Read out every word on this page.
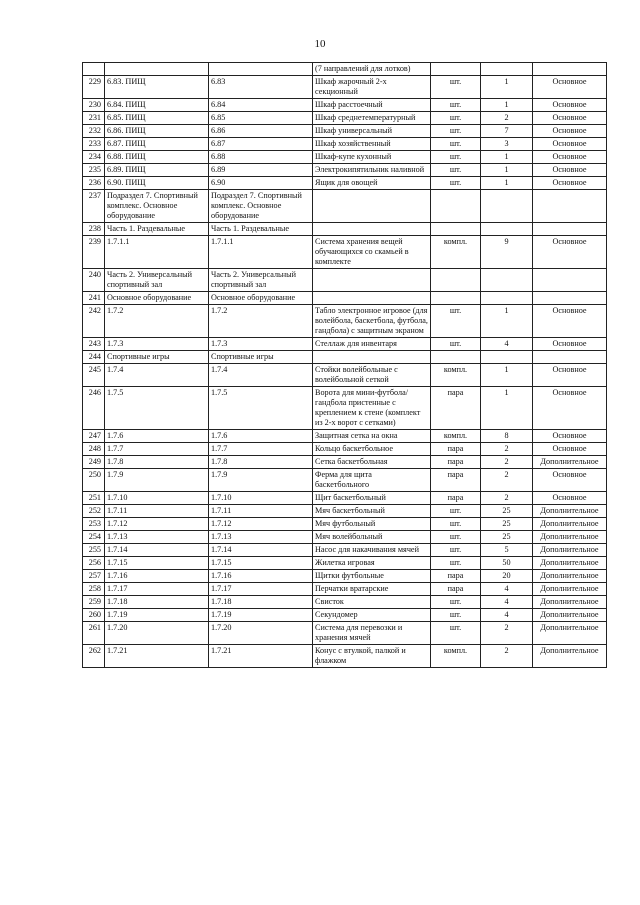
10
			(7 направлений для лотков)			
229	6.83. ПИЩ	6.83	Шкаф жарочный 2-х секционный	шт.	1	Основное
230	6.84. ПИЩ	6.84	Шкаф расстоечный	шт.	1	Основное
231	6.85. ПИЩ	6.85	Шкаф среднетемпературный	шт.	2	Основное
232	6.86. ПИЩ	6.86	Шкаф универсальный	шт.	7	Основное
233	6.87. ПИЩ	6.87	Шкаф хозяйственный	шт.	3	Основное
234	6.88. ПИЩ	6.88	Шкаф-купе кухонный	шт.	1	Основное
235	6.89. ПИЩ	6.89	Электрокипятильник наливной	шт.	1	Основное
236	6.90. ПИЩ	6.90	Ящик для овощей	шт.	1	Основное
237	Подраздел 7. Спортивный комплекс. Основное оборудование	Подраздел 7. Спортивный комплекс. Основное оборудование				
238	Часть 1. Раздевальные	Часть 1. Раздевальные				
239	1.7.1.1	1.7.1.1	Система хранения вещей обучающихся со скамьей в комплекте	компл.	9	Основное
240	Часть 2. Универсальный спортивный зал	Часть 2. Универсальный спортивный зал				
241	Основное оборудование	Основное оборудование				
242	1.7.2	1.7.2	Табло электронное игровое (для волейбола, баскетбола, футбола, гандбола) с защитным экраном	шт.	1	Основное
243	1.7.3	1.7.3	Стеллаж для инвентаря	шт.	4	Основное
244	Спортивные игры	Спортивные игры				
245	1.7.4	1.7.4	Стойки волейбольные с волейбольной сеткой	компл.	1	Основное
246	1.7.5	1.7.5	Ворота для мини-футбола/гандбола пристенные с креплением к стене (комплект из 2-х ворот с сетками)	пара	1	Основное
247	1.7.6	1.7.6	Защитная сетка на окна	компл.	8	Основное
248	1.7.7	1.7.7	Кольцо баскетбольное	пара	2	Основное
249	1.7.8	1.7.8	Сетка баскетбольная	пара	2	Дополнительное
250	1.7.9	1.7.9	Ферма для щита баскетбольного	пара	2	Основное
251	1.7.10	1.7.10	Щит баскетбольный	пара	2	Основное
252	1.7.11	1.7.11	Мяч баскетбольный	шт.	25	Дополнительное
253	1.7.12	1.7.12	Мяч футбольный	шт.	25	Дополнительное
254	1.7.13	1.7.13	Мяч волейбольный	шт.	25	Дополнительное
255	1.7.14	1.7.14	Насос для накачивания мячей	шт.	5	Дополнительное
256	1.7.15	1.7.15	Жилетка игровая	шт.	50	Дополнительное
257	1.7.16	1.7.16	Щитки футбольные	пара	20	Дополнительное
258	1.7.17	1.7.17	Перчатки вратарские	пара	4	Дополнительное
259	1.7.18	1.7.18	Свисток	шт.	4	Дополнительное
260	1.7.19	1.7.19	Секундомер	шт.	4	Дополнительное
261	1.7.20	1.7.20	Система для перевозки и хранения мячей	шт.	2	Дополнительное
262	1.7.21	1.7.21	Конус с втулкой, палкой и флажком	компл.	2	Дополнительное
